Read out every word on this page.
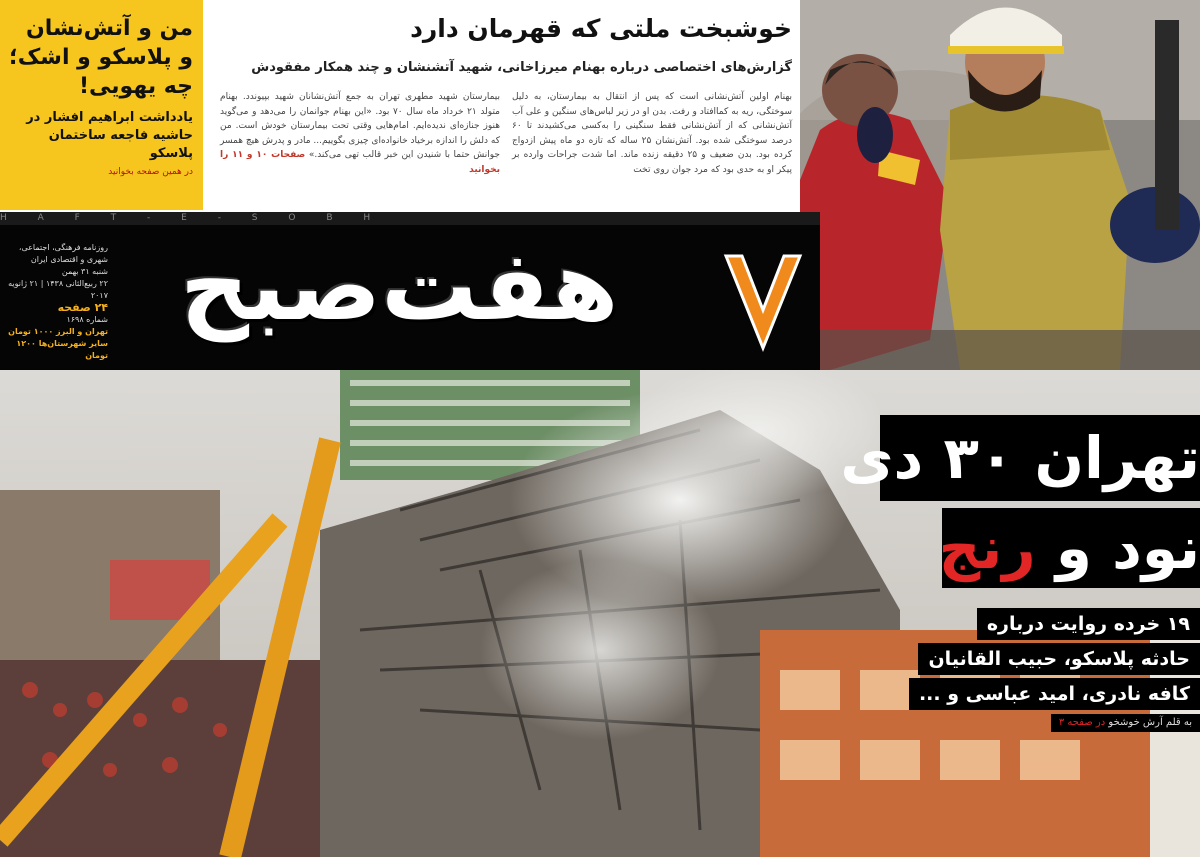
من و آتش‌نشان

و پلاسکو و اشک؛

چه یهویی!

یادداشت ابراهیم افشار در
حاشیه فاجعه ساختمان پلاسکو
در همین صفحه بخوانید
خوشبخت ملتی که قهرمان دارد
گزارش‌های اختصاصی درباره بهنام میرزاخانی، شهید آتشنشان و چند همکار مفقودش
بهنام اولین آتش‌نشانی است که پس از انتقال به بیمارستان، به دلیل سوختگی، ریه به کماافتاد و رفت. بدن او در زیر لباس‌های سنگین و علی آب آتش‌نشانی که از آتش‌نشانی فقط سنگینی را به‌کسی می‌کشیدند تا ۶۰ درصد سوختگی شده بود. آتش‌نشان ۲۵ ساله که تازه دو ماه پیش ازدواج کرده بود. بدن ضعیف و ۲۵ دقیقه زنده ماند. اما شدت جراحات وارده بر پیکر او به حدی بود که مرد جوان روی تخت
بیمارستان شهید مطهری تهران به جمع آتش‌نشانان شهید بپیوندد. بهنام متولد ۲۱ خرداد ماه سال ۷۰ بود. «این بهنام جوانمان را می‌دهد و می‌گوید هنوز جنازه‌ای ندیده‌ایم. امام‌هایی وقتی تحت بیمارستان خودش است. من که دلش را اندازه برخیاد خانواده‌ای چیزی بگوییم... مادر و پدرش هیچ همسر جوانش حتما با شنیدن این خبر قالب تهی می‌کند.» صفحات ۱۰ و ۱۱ را بخوانید
H A F T - E - S O B H
هفت‌صبح
روزنامه فرهنگی، اجتماعی،
شهری و اقتصادی ایران
شنبه ۳۱ بهمن
۲۲ ربیع‌الثانی ۱۴۳۸ | ۲۱ ژانویه ۲۰۱۷
۲۴ صفحه
شماره ۱۶۹۸
تهران و البرز ۱۰۰۰ تومان
سایر شهرستان‌ها ۱۲۰۰ تومان
تهران ۳۰ دی
نود و رنج
۱۹ خرده روایت درباره
حادثه پلاسکو، حبیب القانیان
کافه نادری، امید عباسی و ...
به قلم آرش خوشخو در صفحه ۳
